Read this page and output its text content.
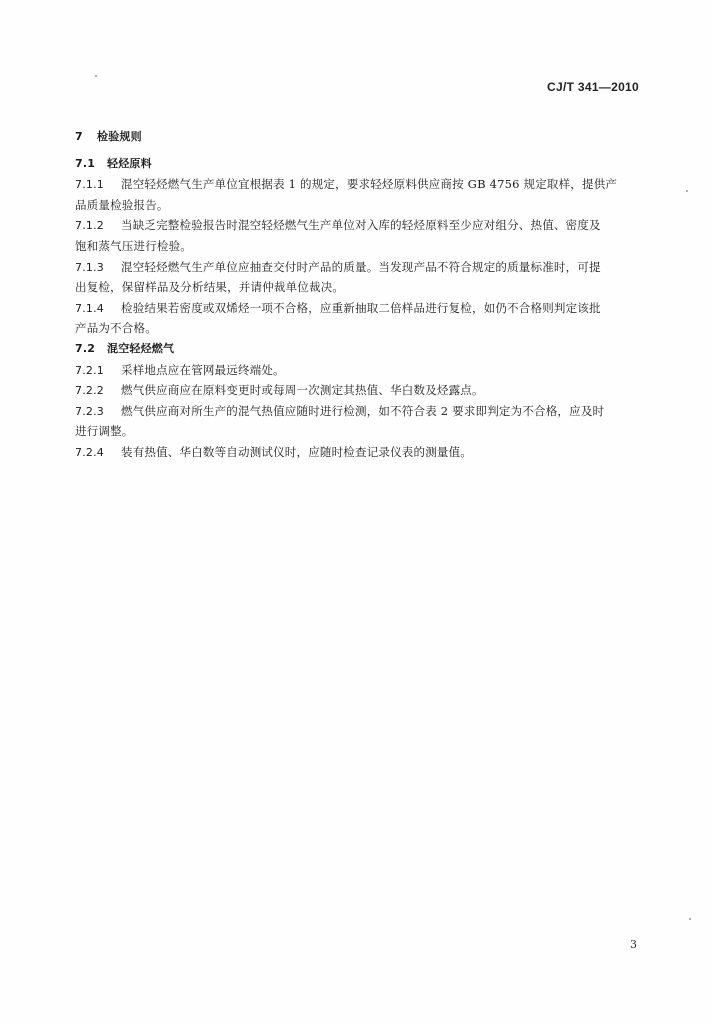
CJ/T 341—2010
7 检验规则
7.1 轻烃原料
7.1.1 混空轻烃燃气生产单位宜根据表 1 的规定，要求轻烃原料供应商按 GB 4756 规定取样，提供产
品质量检验报告。
7.1.2 当缺乏完整检验报告时混空轻烃燃气生产单位对入库的轻烃原料至少应对组分、热值、密度及
饱和蒸气压进行检验。
7.1.3 混空轻烃燃气生产单位应抽查交付时产品的质量。当发现产品不符合规定的质量标准时，可提
出复检，保留样品及分析结果，并请仲裁单位裁决。
7.1.4 检验结果若密度或双烯烃一项不合格，应重新抽取二倍样品进行复检，如仍不合格则判定该批
产品为不合格。
7.2 混空轻烃燃气
7.2.1 采样地点应在管网最远终端处。
7.2.2 燃气供应商应在原料变更时或每周一次测定其热值、华白数及烃露点。
7.2.3 燃气供应商对所生产的混气热值应随时进行检测，如不符合表 2 要求即判定为不合格，应及时
进行调整。
7.2.4 装有热值、华白数等自动测试仪时，应随时检查记录仪表的测量值。
3
